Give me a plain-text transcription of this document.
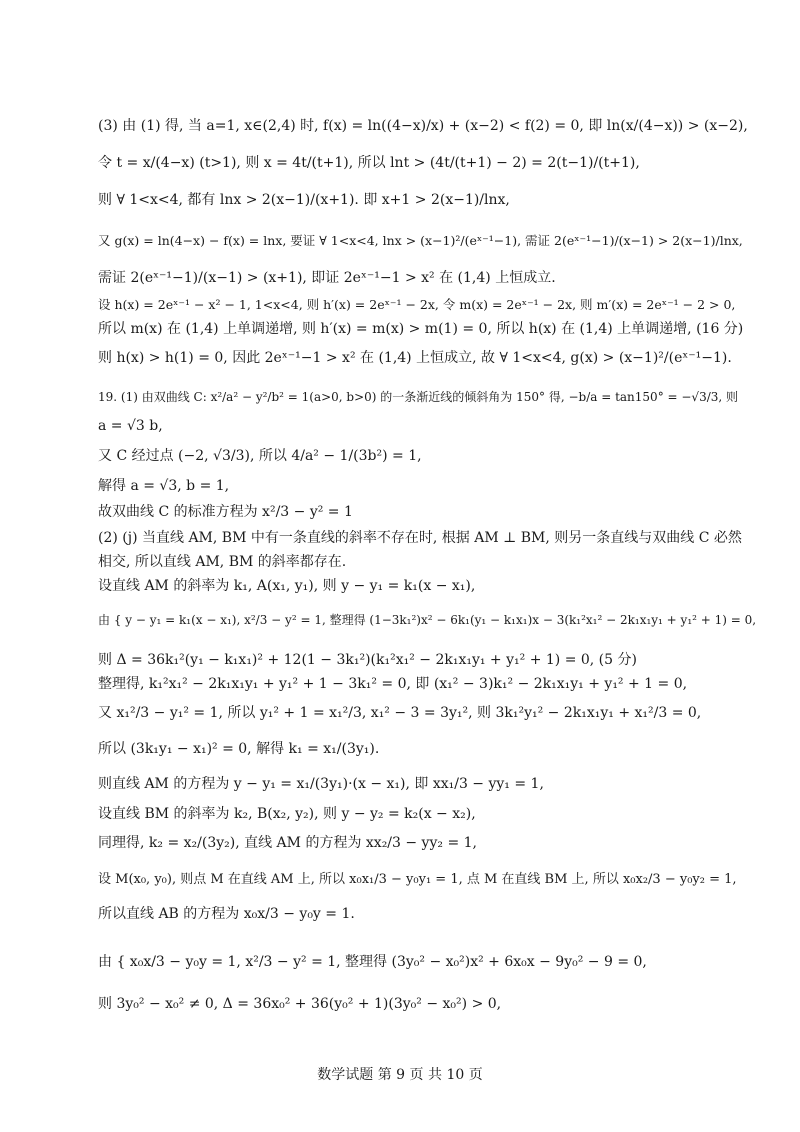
(3) 由 (1) 得, 当 a=1, x∈(2,4) 时, f(x) = ln((4−x)/x) + (x−2) < f(2) = 0, 即 ln(x/(4−x)) > (x−2),
令 t = x/(4−x) (t>1), 则 x = 4t/(t+1), 所以 lnt > (4t/(t+1) − 2) = 2(t−1)/(t+1),
则 ∀ 1<x<4, 都有 lnx > 2(x−1)/(x+1). 即 x+1 > 2(x−1)/lnx,
又 g(x) = ln(4−x) − f(x) = lnx, 要证 ∀ 1<x<4, lnx > (x−1)²/(eˣ⁻¹−1), 需证 2(eˣ⁻¹−1)/(x−1) > 2(x−1)/lnx,
需证 2(eˣ⁻¹−1)/(x−1) > (x+1), 即证 2eˣ⁻¹−1 > x² 在 (1,4) 上恒成立.
设 h(x) = 2eˣ⁻¹ − x² − 1, 1<x<4, 则 h′(x) = 2eˣ⁻¹ − 2x, 令 m(x) = 2eˣ⁻¹ − 2x, 则 m′(x) = 2eˣ⁻¹ − 2 > 0,
所以 m(x) 在 (1,4) 上单调递增, 则 h′(x) = m(x) > m(1) = 0, 所以 h(x) 在 (1,4) 上单调递增, (16 分)
则 h(x) > h(1) = 0, 因此 2eˣ⁻¹−1 > x² 在 (1,4) 上恒成立, 故 ∀ 1<x<4, g(x) > (x−1)²/(eˣ⁻¹−1).
19. (1) 由双曲线 C: x²/a² − y²/b² = 1(a>0, b>0) 的一条渐近线的倾斜角为 150° 得, −b/a = tan150° = −√3/3, 则
a = √3 b,
又 C 经过点 (−2, √3/3), 所以 4/a² − 1/(3b²) = 1,
解得 a = √3, b = 1,
故双曲线 C 的标准方程为 x²/3 − y² = 1
(2) (j) 当直线 AM, BM 中有一条直线的斜率不存在时, 根据 AM ⊥ BM, 则另一条直线与双曲线 C 必然
相交, 所以直线 AM, BM 的斜率都存在.
设直线 AM 的斜率为 k₁, A(x₁, y₁), 则 y − y₁ = k₁(x − x₁),
由 { y − y₁ = k₁(x − x₁), x²/3 − y² = 1, 整理得 (1−3k₁²)x² − 6k₁(y₁ − k₁x₁)x − 3(k₁²x₁² − 2k₁x₁y₁ + y₁² + 1) = 0,
则 Δ = 36k₁²(y₁ − k₁x₁)² + 12(1 − 3k₁²)(k₁²x₁² − 2k₁x₁y₁ + y₁² + 1) = 0, (5 分)
整理得, k₁²x₁² − 2k₁x₁y₁ + y₁² + 1 − 3k₁² = 0, 即 (x₁² − 3)k₁² − 2k₁x₁y₁ + y₁² + 1 = 0,
又 x₁²/3 − y₁² = 1, 所以 y₁² + 1 = x₁²/3, x₁² − 3 = 3y₁², 则 3k₁²y₁² − 2k₁x₁y₁ + x₁²/3 = 0,
所以 (3k₁y₁ − x₁)² = 0, 解得 k₁ = x₁/(3y₁).
则直线 AM 的方程为 y − y₁ = x₁/(3y₁)·(x − x₁), 即 xx₁/3 − yy₁ = 1,
设直线 BM 的斜率为 k₂, B(x₂, y₂), 则 y − y₂ = k₂(x − x₂),
同理得, k₂ = x₂/(3y₂), 直线 AM 的方程为 xx₂/3 − yy₂ = 1,
设 M(x₀, y₀), 则点 M 在直线 AM 上, 所以 x₀x₁/3 − y₀y₁ = 1, 点 M 在直线 BM 上, 所以 x₀x₂/3 − y₀y₂ = 1,
所以直线 AB 的方程为 x₀x/3 − y₀y = 1.
由 { x₀x/3 − y₀y = 1, x²/3 − y² = 1, 整理得 (3y₀² − x₀²)x² + 6x₀x − 9y₀² − 9 = 0,
则 3y₀² − x₀² ≠ 0, Δ = 36x₀² + 36(y₀² + 1)(3y₀² − x₀²) > 0,
数学试题 第 9 页 共 10 页
